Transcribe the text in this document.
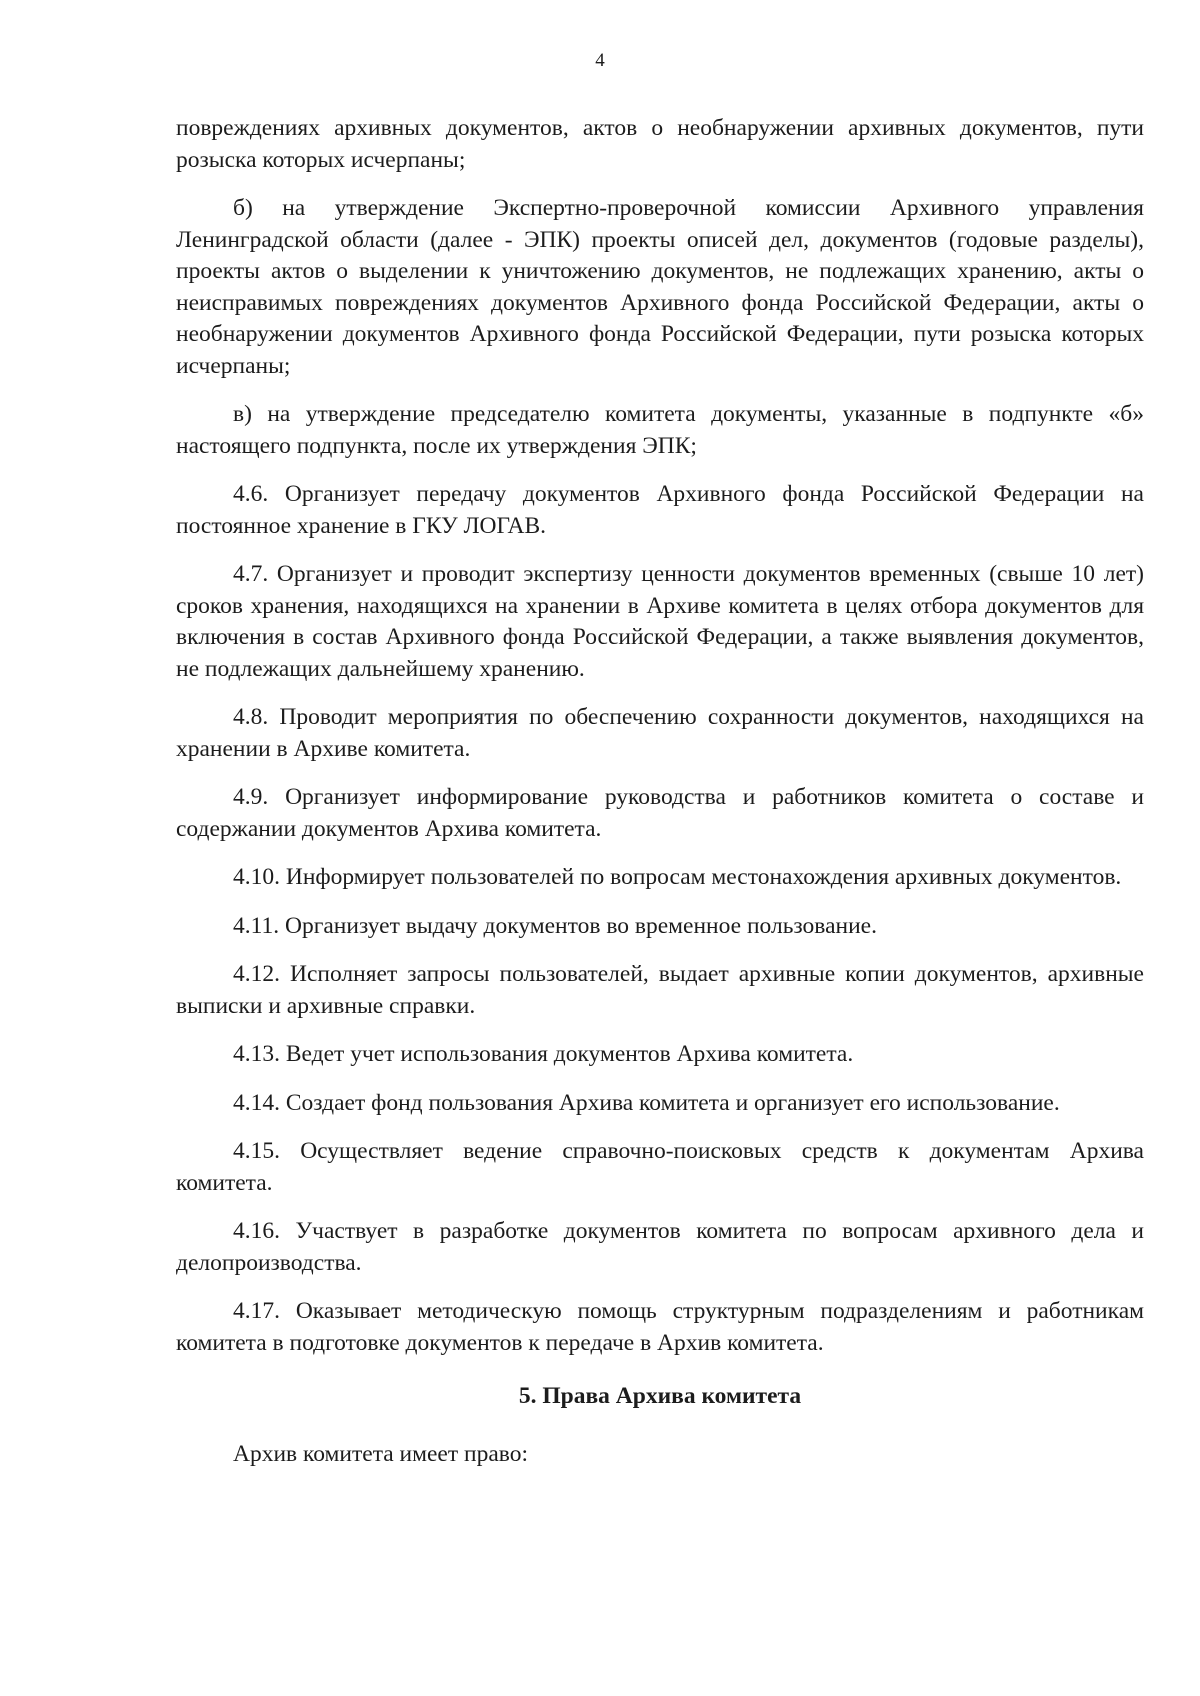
4

повреждениях архивных документов, актов о необнаружении архивных документов, пути розыска которых исчерпаны;

б) на утверждение Экспертно-проверочной комиссии Архивного управления Ленинградской области (далее - ЭПК) проекты описей дел, документов (годовые разделы), проекты актов о выделении к уничтожению документов, не подлежащих хранению, акты о неисправимых повреждениях документов Архивного фонда Российской Федерации, акты о необнаружении документов Архивного фонда Российской Федерации, пути розыска которых исчерпаны;

в) на утверждение председателю комитета документы, указанные в подпункте «б» настоящего подпункта, после их утверждения ЭПК;

4.6. Организует передачу документов Архивного фонда Российской Федерации на постоянное хранение в ГКУ ЛОГАВ.

4.7. Организует и проводит экспертизу ценности документов временных (свыше 10 лет) сроков хранения, находящихся на хранении в Архиве комитета в целях отбора документов для включения в состав Архивного фонда Российской Федерации, а также выявления документов, не подлежащих дальнейшему хранению.

4.8. Проводит мероприятия по обеспечению сохранности документов, находящихся на хранении в Архиве комитета.

4.9. Организует информирование руководства и работников комитета о составе и содержании документов Архива комитета.

4.10. Информирует пользователей по вопросам местонахождения архивных документов.

4.11. Организует выдачу документов во временное пользование.

4.12. Исполняет запросы пользователей, выдает архивные копии документов, архивные выписки и архивные справки.

4.13. Ведет учет использования документов Архива комитета.

4.14. Создает фонд пользования Архива комитета и организует его использование.

4.15. Осуществляет ведение справочно-поисковых средств к документам Архива комитета.

4.16. Участвует в разработке документов комитета по вопросам архивного дела и делопроизводства.

4.17. Оказывает методическую помощь структурным подразделениям и работникам комитета в подготовке документов к передаче в Архив комитета.

5. Права Архива комитета

Архив комитета имеет право:
